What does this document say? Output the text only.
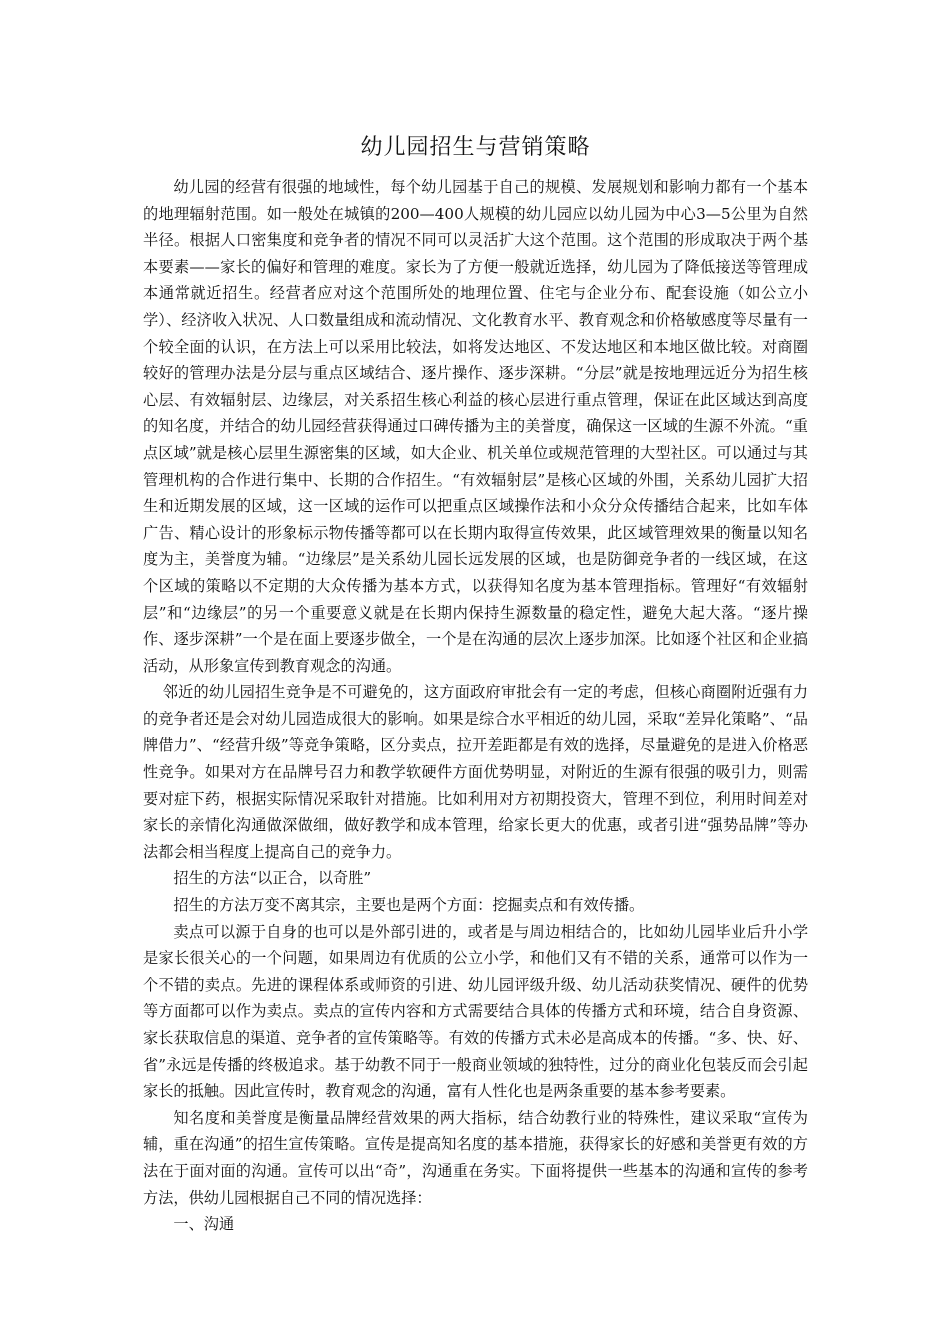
幼儿园招生与营销策略

幼儿园的经营有很强的地域性，每个幼儿园基于自己的规模、发展规划和影响力都有一个基本的地理辐射范围。如一般处在城镇的200—400人规模的幼儿园应以幼儿园为中心3—5公里为自然半径。根据人口密集度和竞争者的情况不同可以灵活扩大这个范围。这个范围的形成取决于两个基本要素——家长的偏好和管理的难度。家长为了方便一般就近选择，幼儿园为了降低接送等管理成本通常就近招生。经营者应对这个范围所处的地理位置、住宅与企业分布、配套设施（如公立小学）、经济收入状况、人口数量组成和流动情况、文化教育水平、教育观念和价格敏感度等尽量有一个较全面的认识，在方法上可以采用比较法，如将发达地区、不发达地区和本地区做比较。对商圈较好的管理办法是分层与重点区域结合、逐片操作、逐步深耕。“分层”就是按地理远近分为招生核心层、有效辐射层、边缘层，对关系招生核心利益的核心层进行重点管理，保证在此区域达到高度的知名度，并结合的幼儿园经营获得通过口碑传播为主的美誉度，确保这一区域的生源不外流。“重点区域”就是核心层里生源密集的区域，如大企业、机关单位或规范管理的大型社区。可以通过与其管理机构的合作进行集中、长期的合作招生。“有效辐射层”是核心区域的外围，关系幼儿园扩大招生和近期发展的区域，这一区域的运作可以把重点区域操作法和小众分众传播结合起来，比如车体广告、精心设计的形象标示物传播等都可以在长期内取得宣传效果，此区域管理效果的衡量以知名度为主，美誉度为辅。“边缘层”是关系幼儿园长远发展的区域，也是防御竞争者的一线区域，在这个区域的策略以不定期的大众传播为基本方式，以获得知名度为基本管理指标。管理好“有效辐射层”和“边缘层”的另一个重要意义就是在长期内保持生源数量的稳定性，避免大起大落。“逐片操作、逐步深耕”一个是在面上要逐步做全，一个是在沟通的层次上逐步加深。比如逐个社区和企业搞活动，从形象宣传到教育观念的沟通。

邻近的幼儿园招生竞争是不可避免的，这方面政府审批会有一定的考虑，但核心商圈附近强有力的竞争者还是会对幼儿园造成很大的影响。如果是综合水平相近的幼儿园，采取“差异化策略”、“品牌借力”、“经营升级”等竞争策略，区分卖点，拉开差距都是有效的选择，尽量避免的是进入价格恶性竞争。如果对方在品牌号召力和教学软硬件方面优势明显，对附近的生源有很强的吸引力，则需要对症下药，根据实际情况采取针对措施。比如利用对方初期投资大，管理不到位，利用时间差对家长的亲情化沟通做深做细，做好教学和成本管理，给家长更大的优惠，或者引进“强势品牌”等办法都会相当程度上提高自己的竞争力。

招生的方法“以正合，以奇胜”

招生的方法万变不离其宗，主要也是两个方面：挖掘卖点和有效传播。

卖点可以源于自身的也可以是外部引进的，或者是与周边相结合的，比如幼儿园毕业后升小学是家长很关心的一个问题，如果周边有优质的公立小学，和他们又有不错的关系，通常可以作为一个不错的卖点。先进的课程体系或师资的引进、幼儿园评级升级、幼儿活动获奖情况、硬件的优势等方面都可以作为卖点。卖点的宣传内容和方式需要结合具体的传播方式和环境，结合自身资源、家长获取信息的渠道、竞争者的宣传策略等。有效的传播方式未必是高成本的传播。“多、快、好、省”永远是传播的终极追求。基于幼教不同于一般商业领域的独特性，过分的商业化包装反而会引起家长的抵触。因此宣传时，教育观念的沟通，富有人性化也是两条重要的基本参考要素。

知名度和美誉度是衡量品牌经营效果的两大指标，结合幼教行业的特殊性，建议采取“宣传为辅，重在沟通”的招生宣传策略。宣传是提高知名度的基本措施，获得家长的好感和美誉更有效的方法在于面对面的沟通。宣传可以出“奇”，沟通重在务实。下面将提供一些基本的沟通和宣传的参考方法，供幼儿园根据自己不同的情况选择：

一、沟通
